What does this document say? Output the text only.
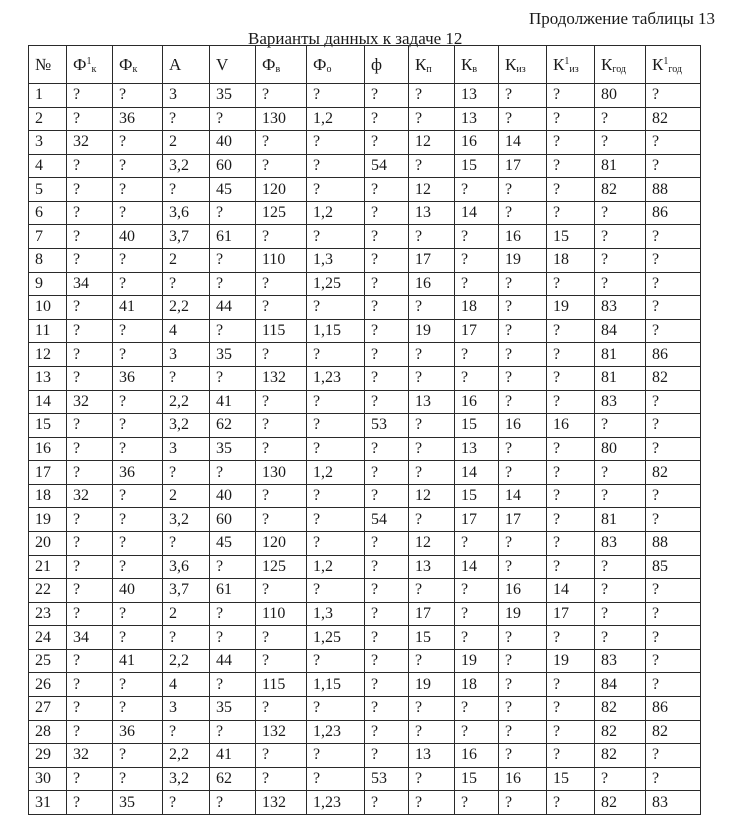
Продолжение таблицы 13
Варианты данных к задаче 12
№	$Ф^1_к$	$Ф_к$	A	V	$Ф_в$	$Ф_о$	ф	$К_п$	$К_в$	$К_{из}$	$К^1_{из}$	$К_{год}$	$К^1_{год}$
1	?	?	3	35	?	?	?	?	13	?	?	80	?
2	?	36	?	?	130	1,2	?	?	13	?	?	?	82
3	32	?	2	40	?	?	?	12	16	14	?	?	?
4	?	?	3,2	60	?	?	54	?	15	17	?	81	?
5	?	?	?	45	120	?	?	12	?	?	?	82	88
6	?	?	3,6	?	125	1,2	?	13	14	?	?	?	86
7	?	40	3,7	61	?	?	?	?	?	16	15	?	?
8	?	?	2	?	110	1,3	?	17	?	19	18	?	?
9	34	?	?	?	?	1,25	?	16	?	?	?	?	?
10	?	41	2,2	44	?	?	?	?	18	?	19	83	?
11	?	?	4	?	115	1,15	?	19	17	?	?	84	?
12	?	?	3	35	?	?	?	?	?	?	?	81	86
13	?	36	?	?	132	1,23	?	?	?	?	?	81	82
14	32	?	2,2	41	?	?	?	13	16	?	?	83	?
15	?	?	3,2	62	?	?	53	?	15	16	16	?	?
16	?	?	3	35	?	?	?	?	13	?	?	80	?
17	?	36	?	?	130	1,2	?	?	14	?	?	?	82
18	32	?	2	40	?	?	?	12	15	14	?	?	?
19	?	?	3,2	60	?	?	54	?	17	17	?	81	?
20	?	?	?	45	120	?	?	12	?	?	?	83	88
21	?	?	3,6	?	125	1,2	?	13	14	?	?	?	85
22	?	40	3,7	61	?	?	?	?	?	16	14	?	?
23	?	?	2	?	110	1,3	?	17	?	19	17	?	?
24	34	?	?	?	?	1,25	?	15	?	?	?	?	?
25	?	41	2,2	44	?	?	?	?	19	?	19	83	?
26	?	?	4	?	115	1,15	?	19	18	?	?	84	?
27	?	?	3	35	?	?	?	?	?	?	?	82	86
28	?	36	?	?	132	1,23	?	?	?	?	?	82	82
29	32	?	2,2	41	?	?	?	13	16	?	?	82	?
30	?	?	3,2	62	?	?	53	?	15	16	15	?	?
31	?	35	?	?	132	1,23	?	?	?	?	?	82	83
